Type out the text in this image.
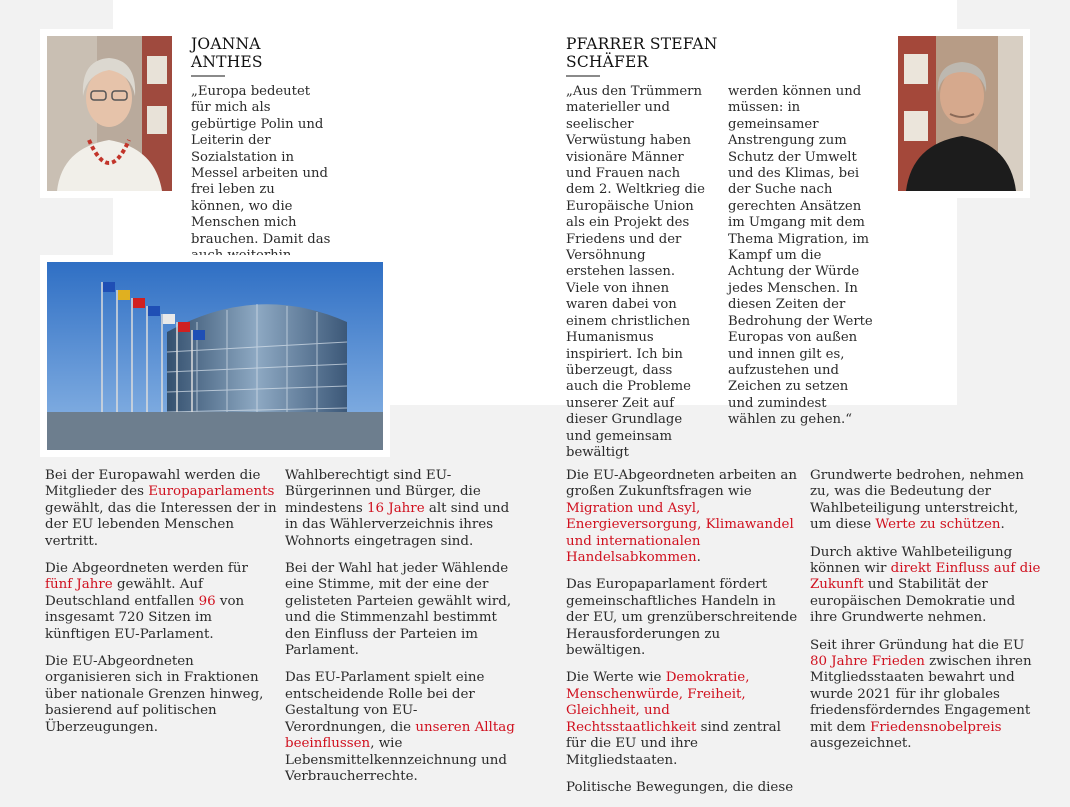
JOANNA
ANTHES

„Europa bedeutet für mich als gebürtige Polin und Leiterin der Sozialstation in Messel arbeiten und frei leben zu können, wo die Menschen mich brauchen. Damit das

PFARRER STEFAN
SCHÄFER

„Aus den Trümmern materieller und seelischer Verwüstung haben visionäre Männer und Frauen nach dem 2. Weltkrieg die Europäische Union als ein Projekt des Friedens und der Versöhnung erstehen lassen. Viele von ihnen waren dabei von einem christlichen Humanismus inspiriert. Ich bin überzeugt, dass auch die Probleme unserer Zeit auf dieser Grundlage und gemeinsam bewältigt

werden können und müssen: in gemeinsamer Anstrengung zum Schutz der Umwelt und des Klimas, bei der Suche nach gerechten Ansätzen im Umgang mit dem Thema Migration, im Kampf um die Achtung der Würde jedes Menschen. In diesen Zeiten der Bedrohung der Werte Europas von außen und innen gilt es, aufzustehen und Zeichen zu setzen und zumindest wählen zu gehen.“

Bei der Europawahl werden die Mitglieder des Europaparlaments gewählt, das die Interessen der in der EU lebenden Menschen vertritt.

Die Abgeordneten werden für fünf Jahre gewählt. Auf Deutschland entfallen 96 von insgesamt 720 Sitzen im künftigen EU-Parlament.

Die EU-Abgeordneten organisieren sich in Fraktionen über nationale Grenzen hinweg, basierend auf politischen Überzeugungen.

Wahlberechtigt sind EU-Bürgerinnen und Bürger, die mindestens 16 Jahre alt sind und in das Wählerverzeichnis ihres Wohnorts eingetragen sind.

Bei der Wahl hat jeder Wählende eine Stimme, mit der eine der gelisteten Parteien gewählt wird, und die Stimmenzahl bestimmt den Einfluss der Parteien im Parlament.

Das EU-Parlament spielt eine entscheidende Rolle bei der Gestaltung von EU-Verordnungen, die unseren Alltag beeinflussen, wie Lebensmittelkennzeichnung und Verbraucherrechte.

Die EU-Abgeordneten arbeiten an großen Zukunftsfragen wie Migration und Asyl, Energieversorgung, Klimawandel und internationalen Handelsabkommen.

Das Europaparlament fördert gemeinschaftliches Handeln in der EU, um grenzüberschreitende Herausforderungen zu bewältigen.

Die Werte wie Demokratie, Menschenwürde, Freiheit, Gleichheit, und Rechtsstaatlichkeit sind zentral für die EU und ihre Mitgliedstaaten.

Politische Bewegungen, die diese

Grundwerte bedrohen, nehmen zu, was die Bedeutung der Wahlbeteiligung unterstreicht, um diese Werte zu schützen.

Durch aktive Wahlbeteiligung können wir direkt Einfluss auf die Zukunft und Stabilität der europäischen Demokratie und ihre Grundwerte nehmen.

Seit ihrer Gründung hat die EU 80 Jahre Frieden zwischen ihren Mitgliedsstaaten bewahrt und wurde 2021 für ihr globales friedensförderndes Engagement mit dem Friedensnobelpreis ausgezeichnet.
